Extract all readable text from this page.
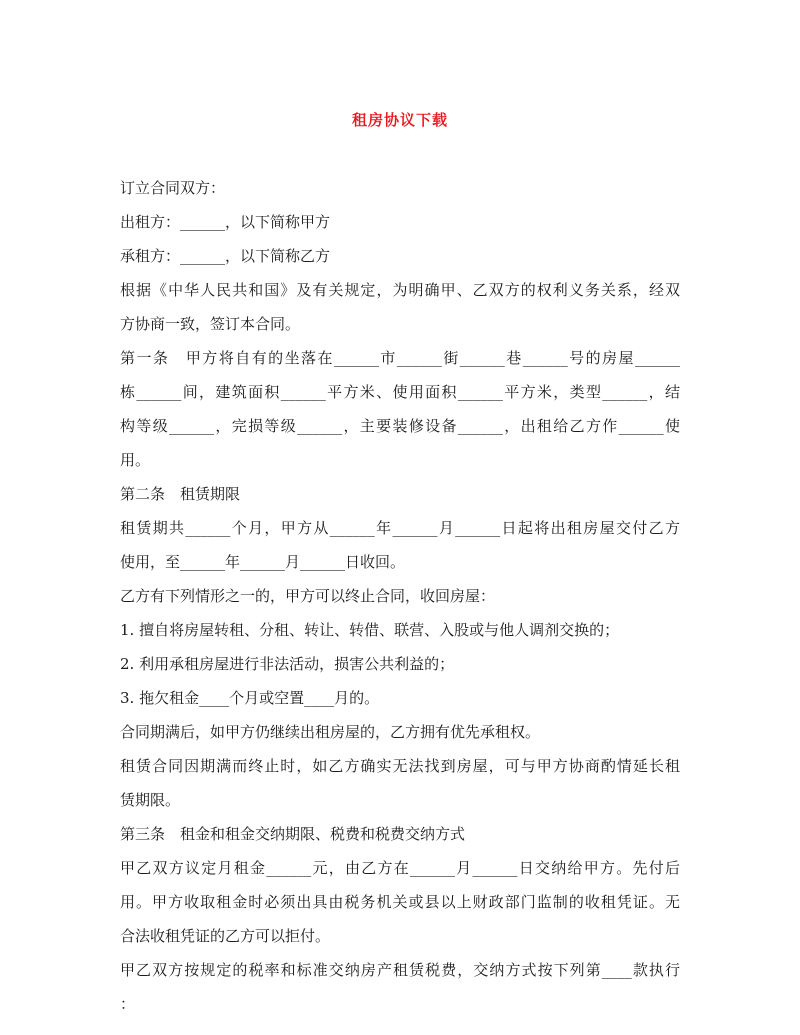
租房协议下载
订立合同双方：
出租方：______，以下简称甲方
承租方：______，以下简称乙方
根据《中华人民共和国》及有关规定，为明确甲、乙双方的权利义务关系，经双
方协商一致，签订本合同。
第一条　甲方将自有的坐落在______市______街______巷______号的房屋______
栋______间，建筑面积______平方米、使用面积______平方米，类型______，结
构等级______，完损等级______，主要装修设备______，出租给乙方作______使
用。
第二条　租赁期限
租赁期共______个月，甲方从______年______月______日起将出租房屋交付乙方
使用，至______年______月______日收回。
乙方有下列情形之一的，甲方可以终止合同，收回房屋：
1. 擅自将房屋转租、分租、转让、转借、联营、入股或与他人调剂交换的；
2. 利用承租房屋进行非法活动，损害公共利益的；
3. 拖欠租金____个月或空置____月的。
合同期满后，如甲方仍继续出租房屋的，乙方拥有优先承租权。
租赁合同因期满而终止时，如乙方确实无法找到房屋，可与甲方协商酌情延长租
赁期限。
第三条　租金和租金交纳期限、税费和税费交纳方式
甲乙双方议定月租金______元，由乙方在______月______日交纳给甲方。先付后
用。甲方收取租金时必须出具由税务机关或县以上财政部门监制的收租凭证。无
合法收租凭证的乙方可以拒付。
甲乙双方按规定的税率和标准交纳房产租赁税费，交纳方式按下列第____款执行
：
